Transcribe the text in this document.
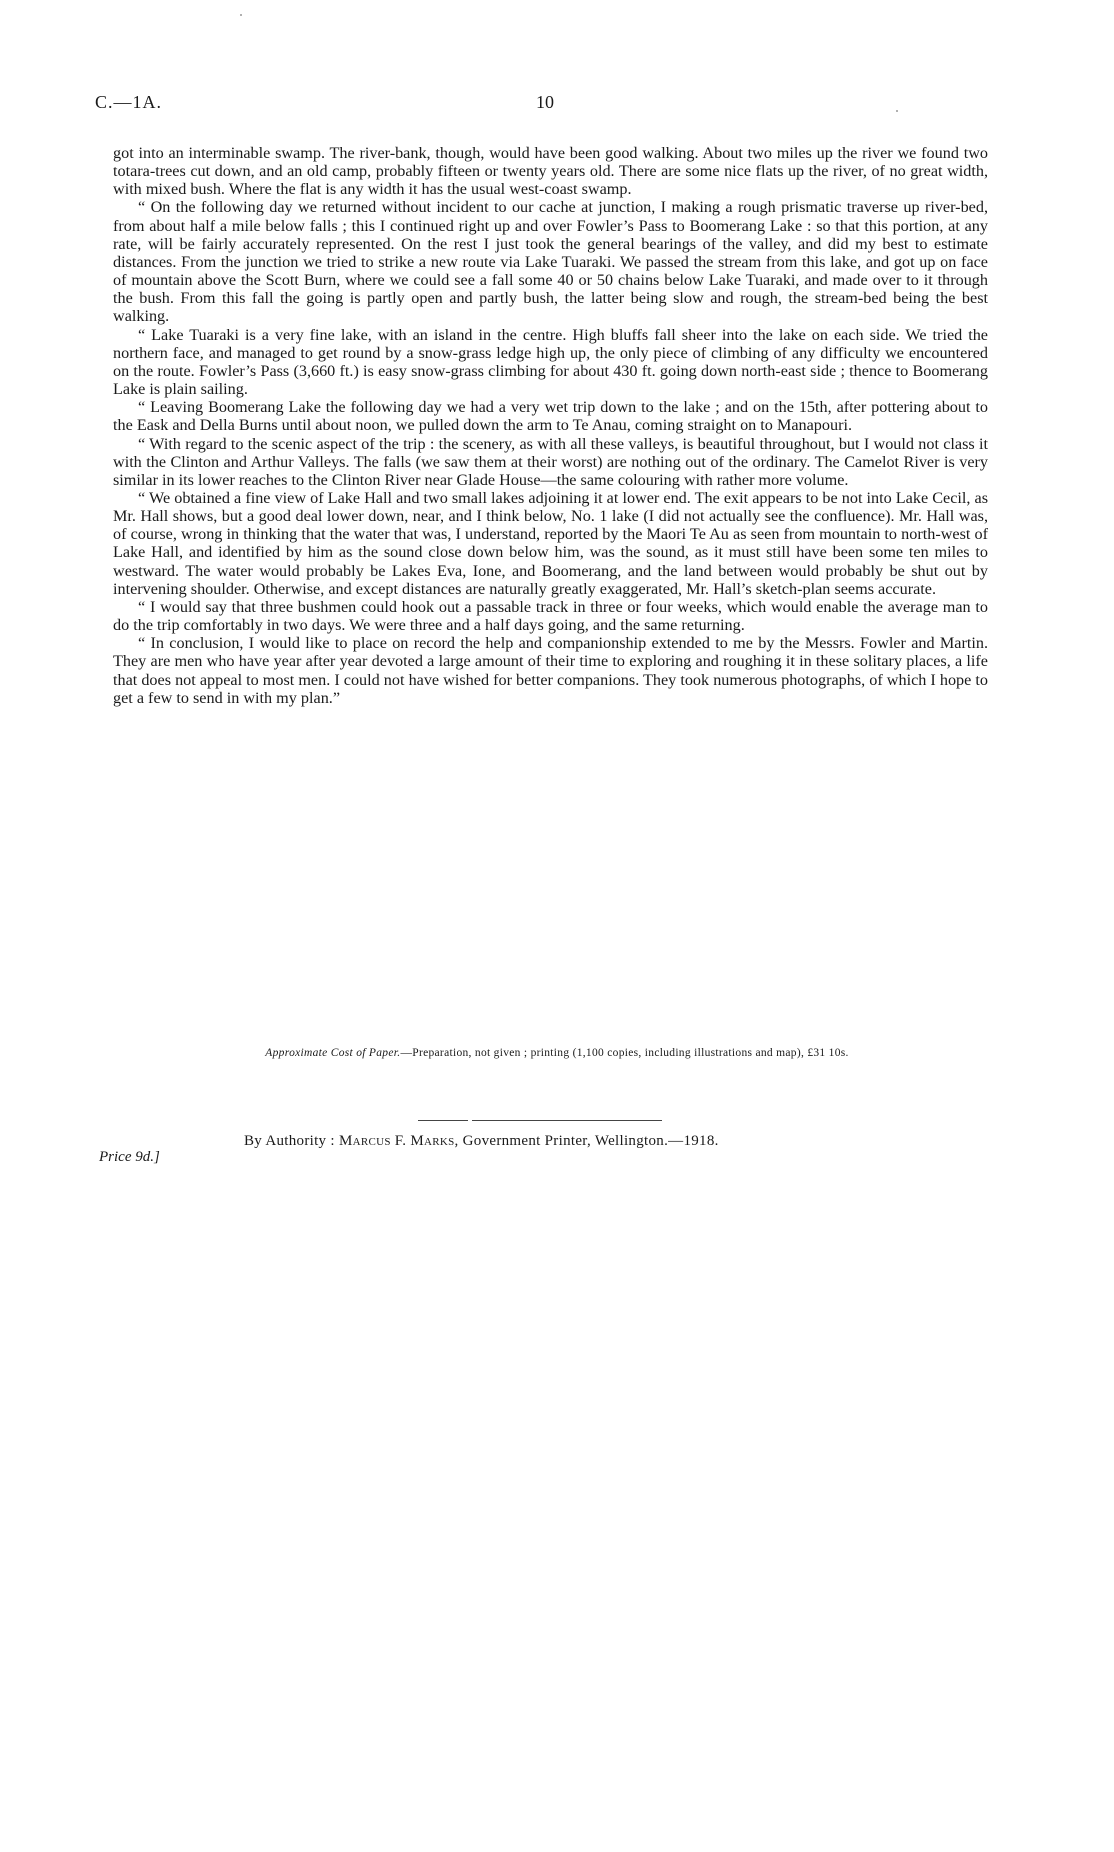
C.—1A.	10

got into an interminable swamp. The river-bank, though, would have been good walking. About two miles up the river we found two totara-trees cut down, and an old camp, probably fifteen or twenty years old. There are some nice flats up the river, of no great width, with mixed bush. Where the flat is any width it has the usual west-coast swamp.

“ On the following day we returned without incident to our cache at junction, I making a rough prismatic traverse up river-bed, from about half a mile below falls ; this I continued right up and over Fowler’s Pass to Boomerang Lake : so that this portion, at any rate, will be fairly accurately represented. On the rest I just took the general bearings of the valley, and did my best to estimate distances. From the junction we tried to strike a new route via Lake Tuaraki. We passed the stream from this lake, and got up on face of mountain above the Scott Burn, where we could see a fall some 40 or 50 chains below Lake Tuaraki, and made over to it through the bush. From this fall the going is partly open and partly bush, the latter being slow and rough, the stream-bed being the best walking.

“ Lake Tuaraki is a very fine lake, with an island in the centre. High bluffs fall sheer into the lake on each side. We tried the northern face, and managed to get round by a snow-grass ledge high up, the only piece of climbing of any difficulty we encountered on the route. Fowler’s Pass (3,660 ft.) is easy snow-grass climbing for about 430 ft. going down north-east side ; thence to Boomerang Lake is plain sailing.

“ Leaving Boomerang Lake the following day we had a very wet trip down to the lake ; and on the 15th, after pottering about to the Eask and Della Burns until about noon, we pulled down the arm to Te Anau, coming straight on to Manapouri.

“ With regard to the scenic aspect of the trip : the scenery, as with all these valleys, is beautiful throughout, but I would not class it with the Clinton and Arthur Valleys. The falls (we saw them at their worst) are nothing out of the ordinary. The Camelot River is very similar in its lower reaches to the Clinton River near Glade House—the same colouring with rather more volume.

“ We obtained a fine view of Lake Hall and two small lakes adjoining it at lower end. The exit appears to be not into Lake Cecil, as Mr. Hall shows, but a good deal lower down, near, and I think below, No. 1 lake (I did not actually see the confluence). Mr. Hall was, of course, wrong in thinking that the water that was, I understand, reported by the Maori Te Au as seen from mountain to north-west of Lake Hall, and identified by him as the sound close down below him, was the sound, as it must still have been some ten miles to westward. The water would probably be Lakes Eva, Ione, and Boomerang, and the land between would probably be shut out by intervening shoulder. Otherwise, and except distances are naturally greatly exaggerated, Mr. Hall’s sketch-plan seems accurate.

“ I would say that three bushmen could hook out a passable track in three or four weeks, which would enable the average man to do the trip comfortably in two days. We were three and a half days going, and the same returning.

“ In conclusion, I would like to place on record the help and companionship extended to me by the Messrs. Fowler and Martin. They are men who have year after year devoted a large amount of their time to exploring and roughing it in these solitary places, a life that does not appeal to most men. I could not have wished for better companions. They took numerous photographs, of which I hope to get a few to send in with my plan.”

Approximate Cost of Paper.—Preparation, not given ; printing (1,100 copies, including illustrations and map), £31 10s.
By Authority : Marcus F. Marks, Government Printer, Wellington.—1918.
Price 9d.]
